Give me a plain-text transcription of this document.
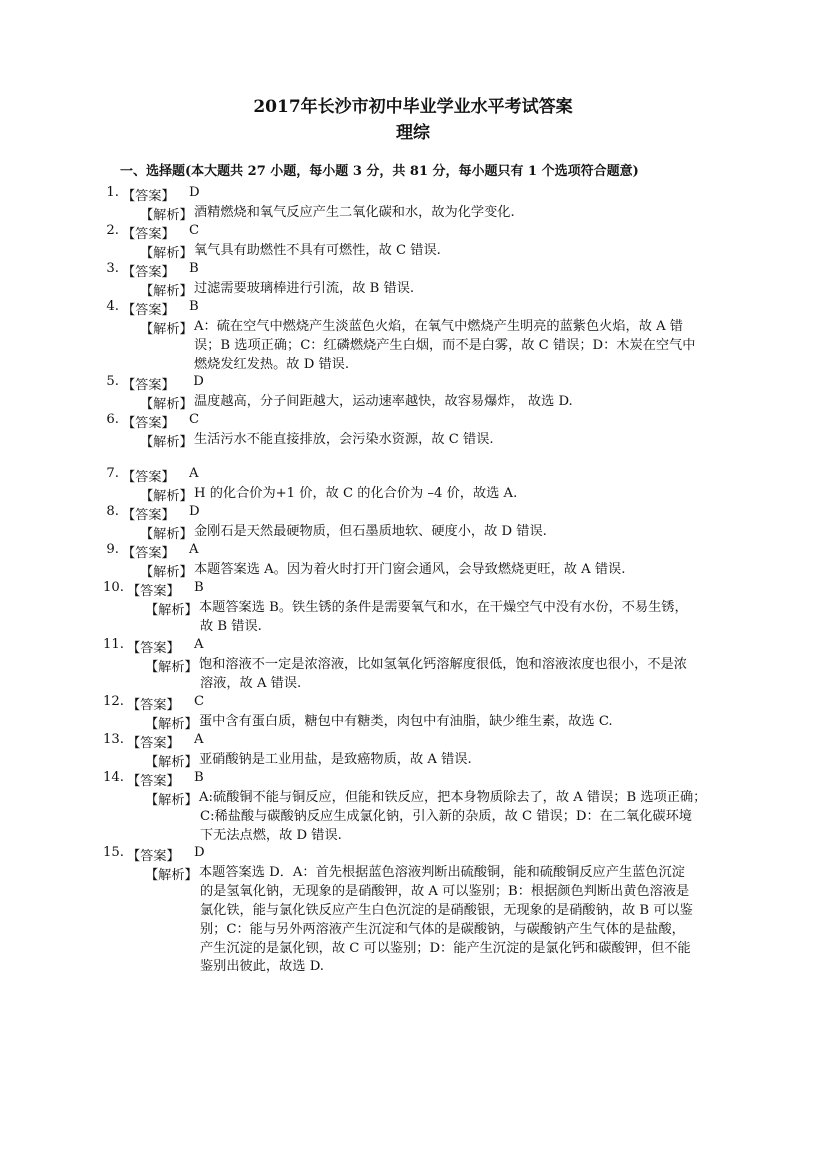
2017年长沙市初中毕业学业水平考试答案
理综
一、选择题(本大题共 27 小题，每小题 3 分，共 81 分，每小题只有 1 个选项符合题意)
1. 【答案】 D
【解析】 酒精燃烧和氧气反应产生二氧化碳和水，故为化学变化.
2. 【答案】 C
【解析】 氧气具有助燃性不具有可燃性，故 C 错误.
3. 【答案】 B
【解析】 过滤需要玻璃棒进行引流，故 B 错误.
4. 【答案】 B
【解析】 A：硫在空气中燃烧产生淡蓝色火焰，在氧气中燃烧产生明亮的蓝紫色火焰，故 A 错
误；B 选项正确；C：红磷燃烧产生白烟，而不是白雾，故 C 错误；D：木炭在空气中
燃烧发红发热。故 D 错误.
5. 【答案】 D
【解析】 温度越高，分子间距越大，运动速率越快，故容易爆炸， 故选 D.
6. 【答案】 C
【解析】 生活污水不能直接排放，会污染水资源，故 C 错误.
7. 【答案】 A
【解析】 H 的化合价为+1 价，故 C 的化合价为 –4 价，故选 A.
8. 【答案】 D
【解析】 金刚石是天然最硬物质，但石墨质地软、硬度小，故 D 错误.
9. 【答案】 A
【解析】 本题答案选 A。因为着火时打开门窗会通风，会导致燃烧更旺，故 A 错误.
10. 【答案】 B
【解析】 本题答案选 B。铁生锈的条件是需要氧气和水，在干燥空气中没有水份，不易生锈，
故 B 错误.
11. 【答案】 A
【解析】 饱和溶液不一定是浓溶液，比如氢氧化钙溶解度很低，饱和溶液浓度也很小，不是浓
溶液，故 A 错误.
12. 【答案】 C
【解析】 蛋中含有蛋白质，糖包中有糖类，肉包中有油脂，缺少维生素，故选 C.
13. 【答案】 A
【解析】 亚硝酸钠是工业用盐，是致癌物质，故 A 错误.
14. 【答案】 B
【解析】 A:硫酸铜不能与铜反应，但能和铁反应，把本身物质除去了，故 A 错误；B 选项正确；
C:稀盐酸与碳酸钠反应生成氯化钠，引入新的杂质，故 C 错误；D：在二氧化碳环境
下无法点燃，故 D 错误.
15. 【答案】 D
【解析】 本题答案选 D．A：首先根据蓝色溶液判断出硫酸铜，能和硫酸铜反应产生蓝色沉淀
的是氢氧化钠，无现象的是硝酸钾，故 A 可以鉴别；B：根据颜色判断出黄色溶液是
氯化铁，能与氯化铁反应产生白色沉淀的是硝酸银，无现象的是硝酸钠，故 B 可以鉴
别；C：能与另外两溶液产生沉淀和气体的是碳酸钠，与碳酸钠产生气体的是盐酸，
产生沉淀的是氯化钡，故 C 可以鉴别；D：能产生沉淀的是氯化钙和碳酸钾，但不能
鉴别出彼此，故选 D.
